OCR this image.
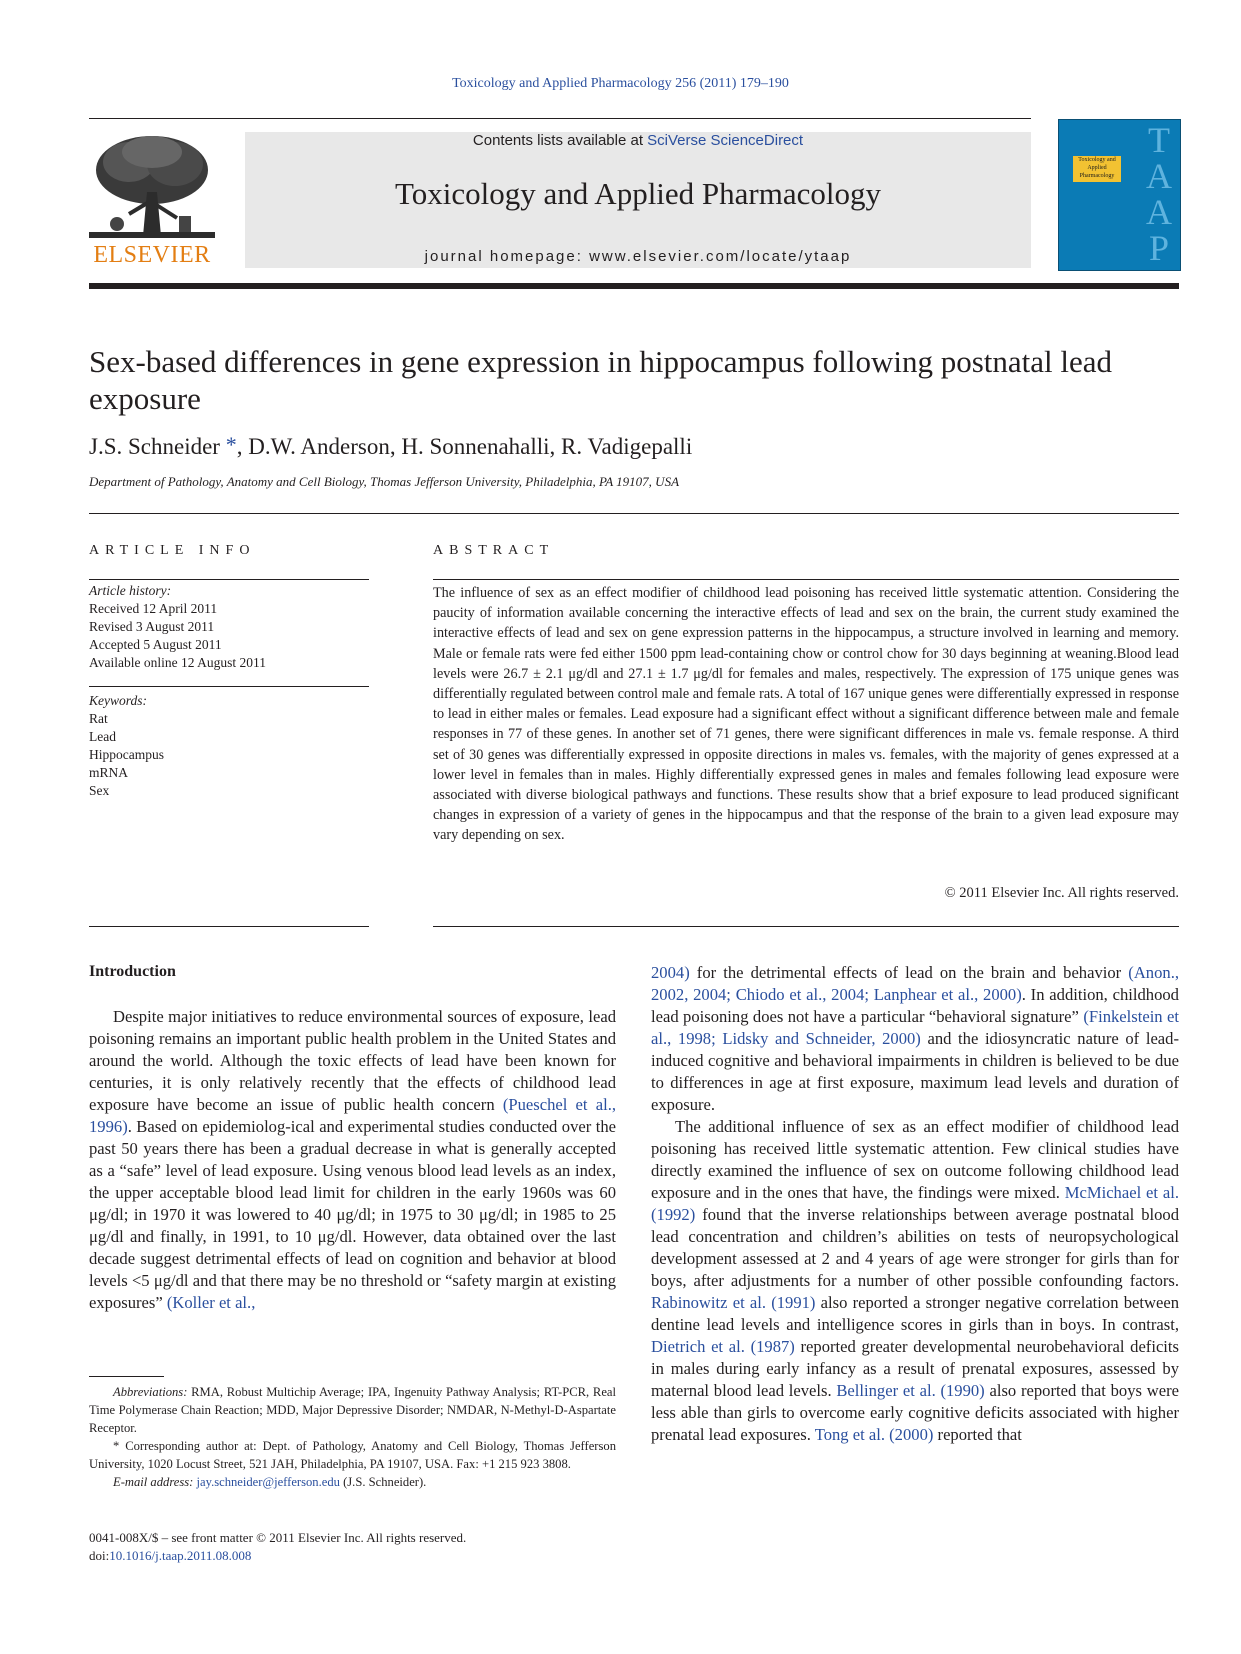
Toxicology and Applied Pharmacology 256 (2011) 179–190
ELSEVIER
Contents lists available at SciVerse ScienceDirect
Toxicology and Applied Pharmacology
journal homepage: www.elsevier.com/locate/ytaap
TAAP
Toxicology and Applied Pharmacology
Sex-based differences in gene expression in hippocampus following postnatal lead exposure
J.S. Schneider *, D.W. Anderson, H. Sonnenahalli, R. Vadigepalli
Department of Pathology, Anatomy and Cell Biology, Thomas Jefferson University, Philadelphia, PA 19107, USA
ARTICLE INFO	ABSTRACT
Article history:
Received 12 April 2011
Revised 3 August 2011
Accepted 5 August 2011
Available online 12 August 2011
Keywords:
Rat
Lead
Hippocampus
mRNA
Sex
The influence of sex as an effect modifier of childhood lead poisoning has received little systematic attention. Considering the paucity of information available concerning the interactive effects of lead and sex on the brain, the current study examined the interactive effects of lead and sex on gene expression patterns in the hippocampus, a structure involved in learning and memory. Male or female rats were fed either 1500 ppm lead-containing chow or control chow for 30 days beginning at weaning.Blood lead levels were 26.7 ± 2.1 μg/dl and 27.1 ± 1.7 μg/dl for females and males, respectively. The expression of 175 unique genes was differentially regulated between control male and female rats. A total of 167 unique genes were differentially expressed in response to lead in either males or females. Lead exposure had a significant effect without a significant difference between male and female responses in 77 of these genes. In another set of 71 genes, there were significant differences in male vs. female response. A third set of 30 genes was differentially expressed in opposite directions in males vs. females, with the majority of genes expressed at a lower level in females than in males. Highly differentially expressed genes in males and females following lead exposure were associated with diverse biological pathways and functions. These results show that a brief exposure to lead produced significant changes in expression of a variety of genes in the hippocampus and that the response of the brain to a given lead exposure may vary depending on sex.
© 2011 Elsevier Inc. All rights reserved.
Introduction

Despite major initiatives to reduce environmental sources of exposure, lead poisoning remains an important public health problem in the United States and around the world. Although the toxic effects of lead have been known for centuries, it is only relatively recently that the effects of childhood lead exposure have become an issue of public health concern (Pueschel et al., 1996). Based on epidemiolog-ical and experimental studies conducted over the past 50 years there has been a gradual decrease in what is generally accepted as a “safe” level of lead exposure. Using venous blood lead levels as an index, the upper acceptable blood lead limit for children in the early 1960s was 60 μg/dl; in 1970 it was lowered to 40 μg/dl; in 1975 to 30 μg/dl; in 1985 to 25 μg/dl and finally, in 1991, to 10 μg/dl. However, data obtained over the last decade suggest detrimental effects of lead on cognition and behavior at blood levels <5 μg/dl and that there may be no threshold or “safety margin at existing exposures” (Koller et al.,

2004) for the detrimental effects of lead on the brain and behavior (Anon., 2002, 2004; Chiodo et al., 2004; Lanphear et al., 2000). In addition, childhood lead poisoning does not have a particular “behavioral signature” (Finkelstein et al., 1998; Lidsky and Schneider, 2000) and the idiosyncratic nature of lead-induced cognitive and behavioral impairments in children is believed to be due to differences in age at first exposure, maximum lead levels and duration of exposure.

The additional influence of sex as an effect modifier of childhood lead poisoning has received little systematic attention. Few clinical studies have directly examined the influence of sex on outcome following childhood lead exposure and in the ones that have, the findings were mixed. McMichael et al. (1992) found that the inverse relationships between average postnatal blood lead concentration and children’s abilities on tests of neuropsychological development assessed at 2 and 4 years of age were stronger for girls than for boys, after adjustments for a number of other possible confounding factors. Rabinowitz et al. (1991) also reported a stronger negative correlation between dentine lead levels and intelligence scores in girls than in boys. In contrast, Dietrich et al. (1987) reported greater developmental neurobehavioral deficits in males during early infancy as a result of prenatal exposures, assessed by maternal blood lead levels. Bellinger et al. (1990) also reported that boys were less able than girls to overcome early cognitive deficits associated with higher prenatal lead exposures. Tong et al. (2000) reported that

Abbreviations: RMA, Robust Multichip Average; IPA, Ingenuity Pathway Analysis; RT-PCR, Real Time Polymerase Chain Reaction; MDD, Major Depressive Disorder; NMDAR, N-Methyl-D-Aspartate Receptor.

* Corresponding author at: Dept. of Pathology, Anatomy and Cell Biology, Thomas Jefferson University, 1020 Locust Street, 521 JAH, Philadelphia, PA 19107, USA. Fax: +1 215 923 3808.

E-mail address: jay.schneider@jefferson.edu (J.S. Schneider).

0041-008X/$ – see front matter © 2011 Elsevier Inc. All rights reserved.
doi:10.1016/j.taap.2011.08.008
